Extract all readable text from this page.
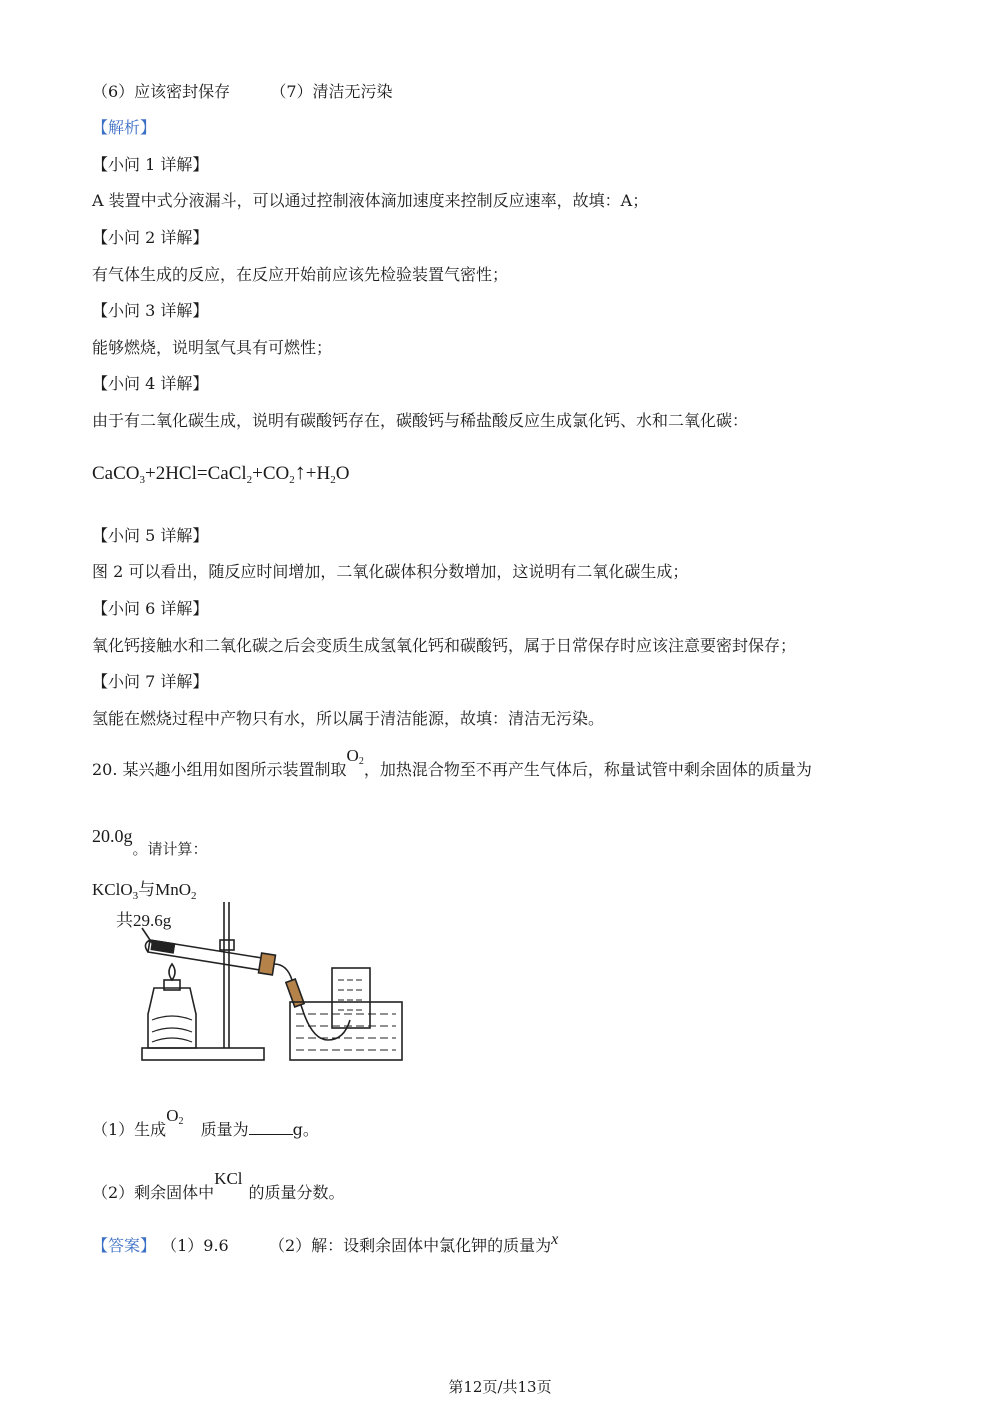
（6）应该密封保存	（7）清洁无污染
【解析】
【小问 1 详解】
A 装置中式分液漏斗，可以通过控制液体滴加速度来控制反应速率，故填：A；
【小问 2 详解】
有气体生成的反应，在反应开始前应该先检验装置气密性；
【小问 3 详解】
能够燃烧，说明氢气具有可燃性；
【小问 4 详解】
由于有二氧化碳生成，说明有碳酸钙存在，碳酸钙与稀盐酸反应生成氯化钙、水和二氧化碳：
$CaCO_3+2HCl=CaCl_2+CO_2↑+H_2O$
【小问 5 详解】
图 2 可以看出，随反应时间增加，二氧化碳体积分数增加，这说明有二氧化碳生成；
【小问 6 详解】
氧化钙接触水和二氧化碳之后会变质生成氢氧化钙和碳酸钙，属于日常保存时应该注意要密封保存；
【小问 7 详解】
氢能在燃烧过程中产物只有水，所以属于清洁能源，故填：清洁无污染。
20. 某兴趣小组用如图所示装置制取$O_2$，加热混合物至不再产生气体后，称量试管中剩余固体的质量为
20.0g。请计算：
KClO$_3$与MnO$_2$
共29.6g
（1）生成$O_2$ 质量为	g。
（2）剩余固体中KCl的质量分数。
【答案】 （1）9.6	（2）解：设剩余固体中氯化钾的质量为x
第12页/共13页
